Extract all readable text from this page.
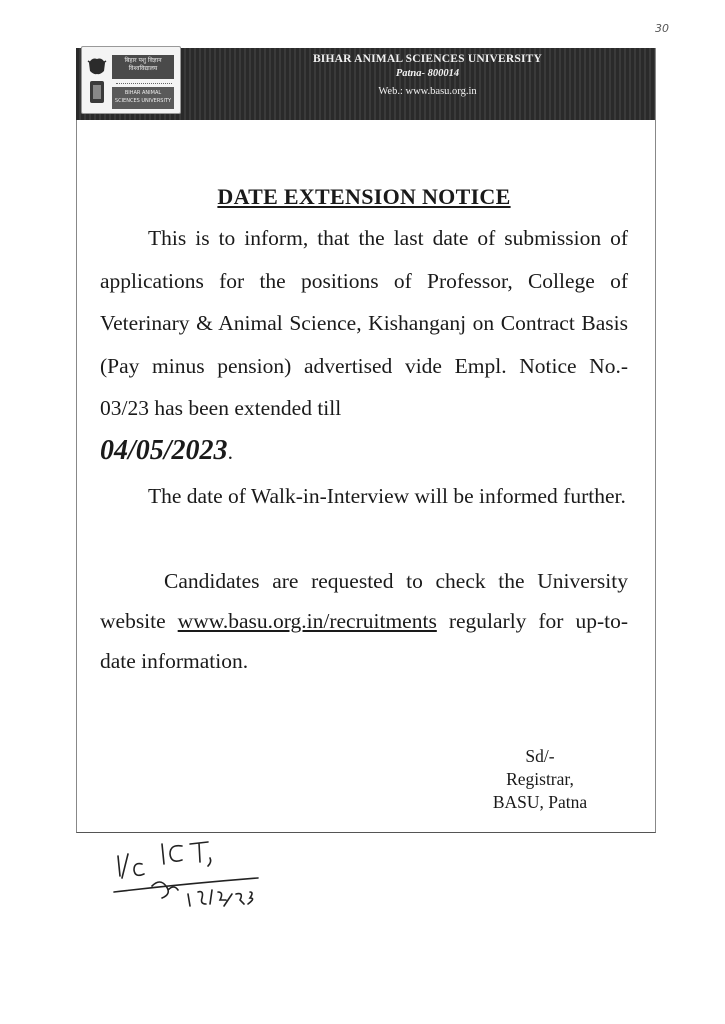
30
बिहार पशु विज्ञान विश्वविद्यालय
BIHAR ANIMAL SCIENCES UNIVERSITY
BIHAR ANIMAL SCIENCES UNIVERSITY
Patna- 800014
Web.: www.basu.org.in
DATE EXTENSION NOTICE

This is to inform, that the last date of submission of applications for the positions of Professor, College of Veterinary & Animal Science, Kishanganj on Contract Basis (Pay minus pension) advertised vide Empl. Notice No.- 03/23 has been extended till
04/05/2023.

The date of Walk-in-Interview will be informed further.

Candidates are requested to check the University website www.basu.org.in/recruitments regularly for up-to-date information.

Sd/-
Registrar,
BASU, Patna
